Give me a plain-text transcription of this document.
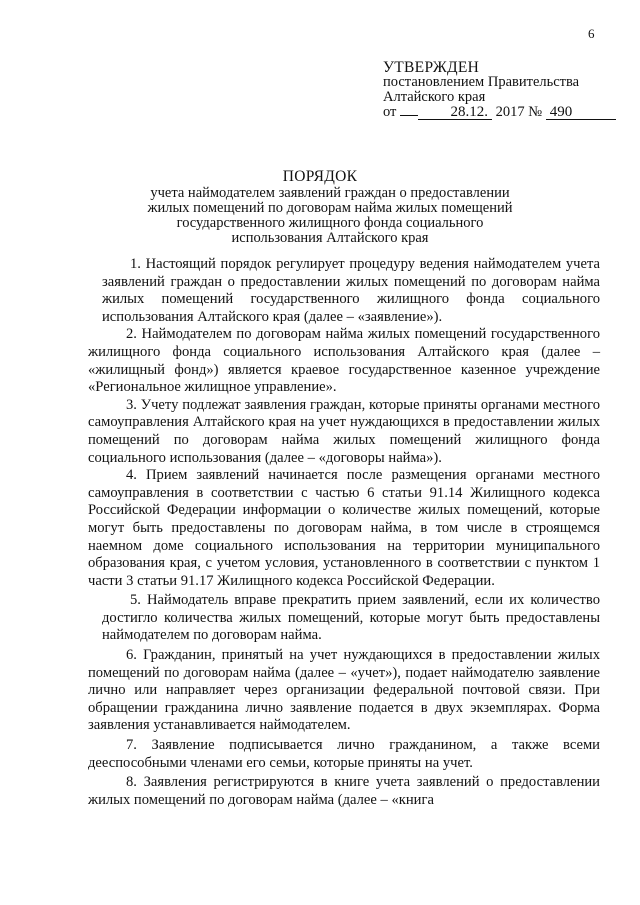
6
УТВЕРЖДЕН
постановлением Правительства
Алтайского края
от	28.12. 2017 № 490
ПОРЯДОК
учета наймодателем заявлений граждан о предоставлении
жилых помещений по договорам найма жилых помещений
государственного жилищного фонда социального
использования Алтайского края

1. Настоящий порядок регулирует процедуру ведения наймодателем учета заявлений граждан о предоставлении жилых помещений по договорам найма жилых помещений государственного жилищного фонда социального использования Алтайского края (далее – «заявление»).

2. Наймодателем по договорам найма жилых помещений государственного жилищного фонда социального использования Алтайского края (далее – «жилищный фонд») является краевое государственное казенное учреждение «Региональное жилищное управление».

3. Учету подлежат заявления граждан, которые приняты органами местного самоуправления Алтайского края на учет нуждающихся в предоставлении жилых помещений по договорам найма жилых помещений жилищного фонда социального использования (далее – «договоры найма»).

4. Прием заявлений начинается после размещения органами местного самоуправления в соответствии с частью 6 статьи 91.14 Жилищного кодекса Российской Федерации информации о количестве жилых помещений, которые могут быть предоставлены по договорам найма, в том числе в строящемся наемном доме социального использования на территории муниципального образования края, с учетом условия, установленного в соответствии с пунктом 1 части 3 статьи 91.17 Жилищного кодекса Российской Федерации.

5. Наймодатель вправе прекратить прием заявлений, если их количество достигло количества жилых помещений, которые могут быть предоставлены наймодателем по договорам найма.

6. Гражданин, принятый на учет нуждающихся в предоставлении жилых помещений по договорам найма (далее – «учет»), подает наймодателю заявление лично или направляет через организации федеральной почтовой связи. При обращении гражданина лично заявление подается в двух экземплярах. Форма заявления устанавливается наймодателем.

7. Заявление подписывается лично гражданином, а также всеми дееспособными членами его семьи, которые приняты на учет.

8. Заявления регистрируются в книге учета заявлений о предоставлении жилых помещений по договорам найма (далее – «книга
